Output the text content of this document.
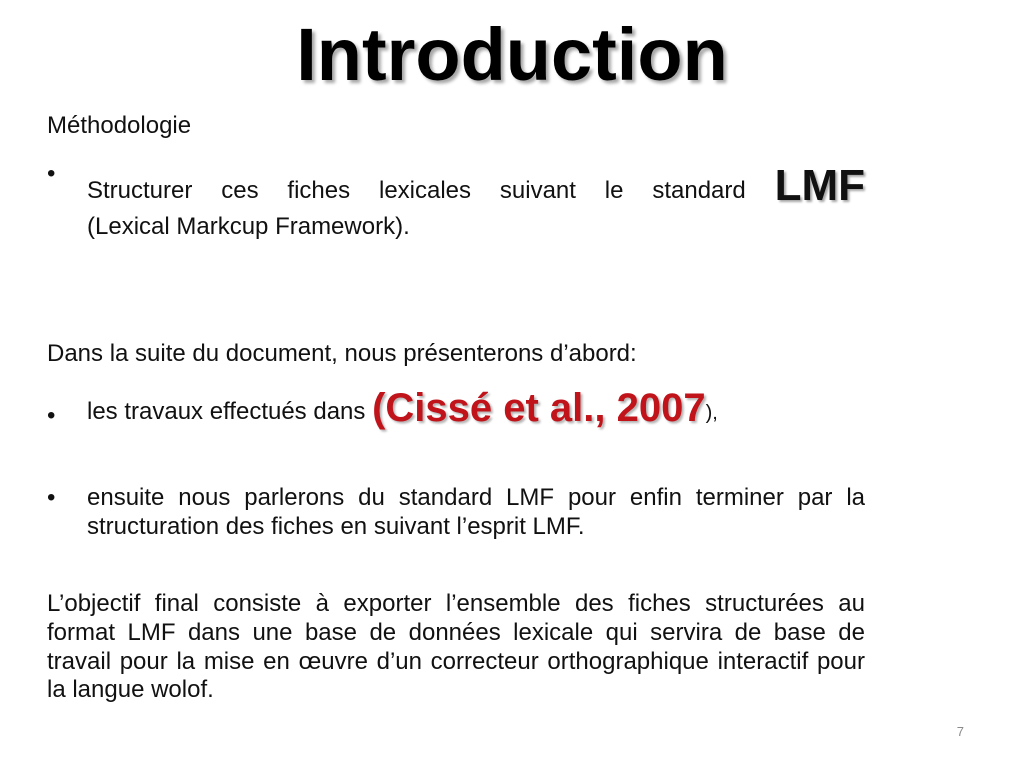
Introduction
Méthodologie
•
Structurer ces fiches lexicales suivant le standard LMF
(Lexical Markcup Framework).
Dans la suite du document, nous présenterons d’abord:
• les travaux effectués dans (Cissé et al., 2007),
• ensuite nous parlerons du standard LMF pour enfin terminer par la structuration des fiches en suivant l’esprit LMF.
L’objectif final consiste à exporter l’ensemble des fiches structurées au format LMF dans une base de données lexicale qui servira de base de travail pour la mise en œuvre d’un correcteur orthographique interactif pour la langue wolof.
7
